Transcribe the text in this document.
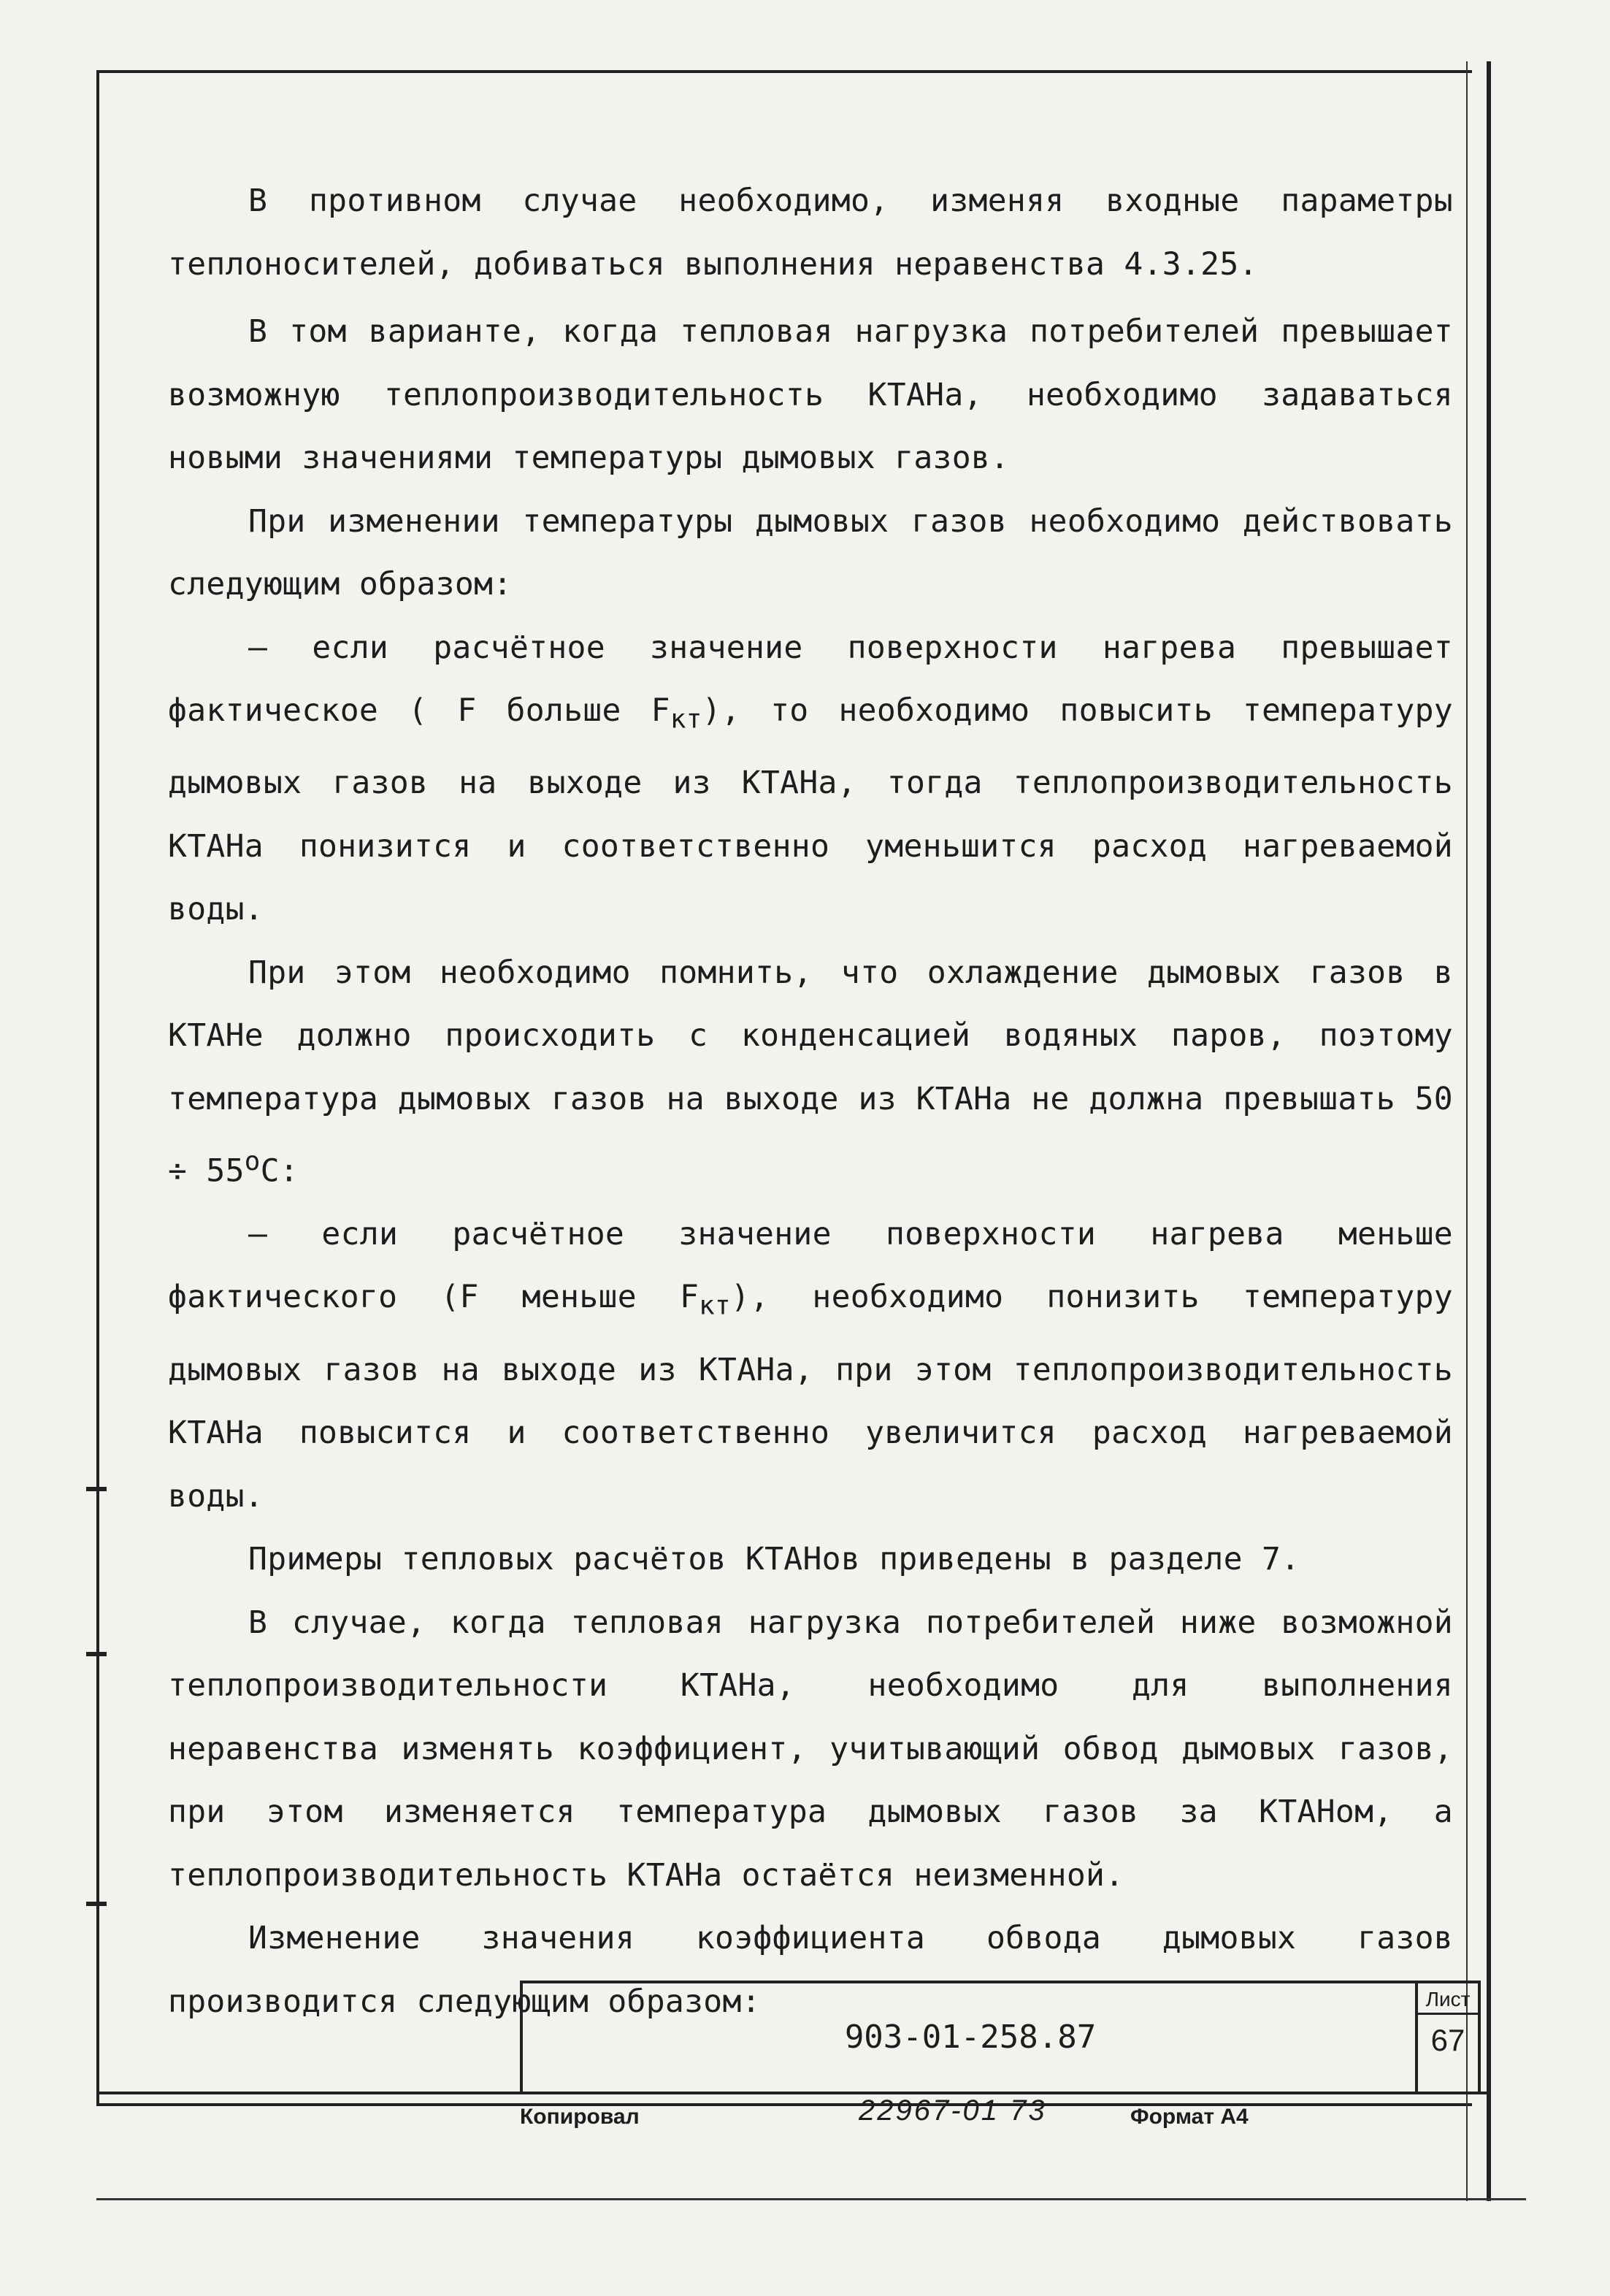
В противном случае необходимо, изменяя входные параметры теплоносителей, добиваться выполнения неравенства 4.3.25.

В том варианте, когда тепловая нагрузка потребителей превышает возможную теплопроизводительность КТАНа, необходимо задаваться новыми значениями температуры дымовых газов.

При изменении температуры дымовых газов необходимо действовать следующим образом:

— если расчётное значение поверхности нагрева превышает фактическое ( F больше $F_{кт}$), то необходимо повысить температуру дымовых газов на выходе из КТАНа, тогда теплопроизводительность КТАНа понизится и соответственно уменьшится расход нагреваемой воды.

При этом необходимо помнить, что охлаждение дымовых газов в КТАНе должно происходить с конденсацией водяных паров, поэтому температура дымовых газов на выходе из КТАНа не должна превышать $50 \div 55^oС$:

— если расчётное значение поверхности нагрева меньше фактического (F меньше $F_{кт}$), необходимо понизить температуру дымовых газов на выходе из КТАНа, при этом теплопроизводительность КТАНа повысится и соответственно увеличится расход нагреваемой воды.

Примеры тепловых расчётов КТАНов приведены в разделе 7.

В случае, когда тепловая нагрузка потребителей ниже возможной теплопроизводительности КТАНа, необходимо для выполнения неравенства изменять коэффициент, учитывающий обвод дымовых газов, при этом изменяется температура дымовых газов за КТАНом, а теплопроизводительность КТАНа остаётся неизменной.

Изменение значения коэффициента обвода дымовых газов производится следующим образом:

903-01-258.87
Лист
67
Копировал	22967-01 73	Формат А4
